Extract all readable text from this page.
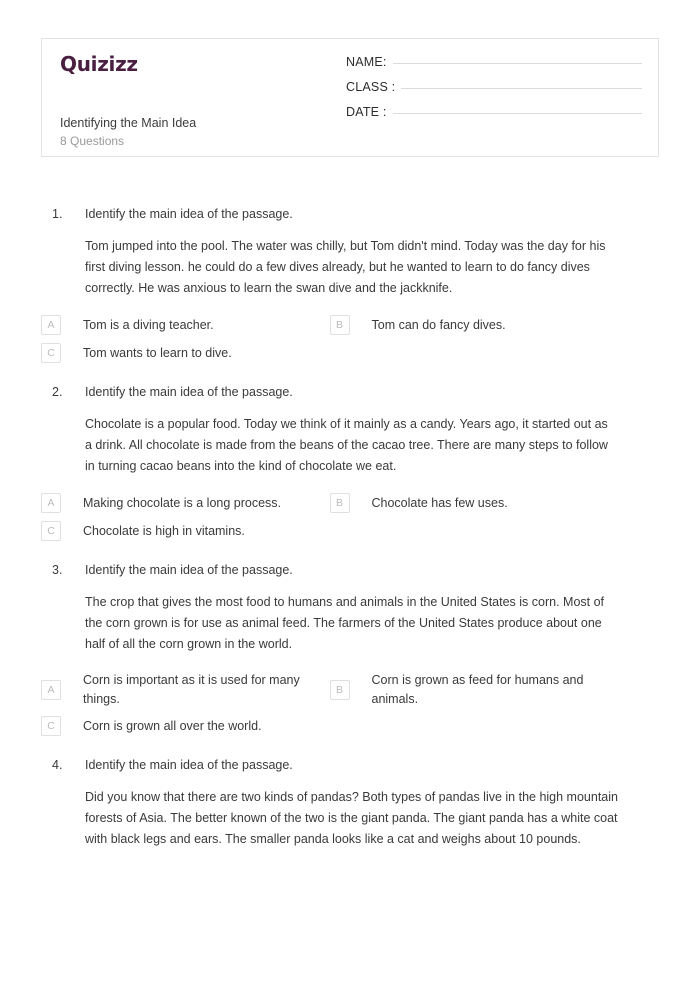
Quizizz
Identifying the Main Idea
8 Questions
NAME:
CLASS :
DATE :
1.	Identify the main idea of the passage.
Tom jumped into the pool. The water was chilly, but Tom didn't mind. Today was the day for his first diving lesson. he could do a few dives already, but he wanted to learn to do fancy dives correctly. He was anxious to learn the swan dive and the jackknife.
A	Tom is a diving teacher.	B	Tom can do fancy dives.
C	Tom wants to learn to dive.
2.	Identify the main idea of the passage.
Chocolate is a popular food. Today we think of it mainly as a candy. Years ago, it started out as a drink. All chocolate is made from the beans of the cacao tree. There are many steps to follow in turning cacao beans into the kind of chocolate we eat.
A	Making chocolate is a long process.	B	Chocolate has few uses.
C	Chocolate is high in vitamins.
3.	Identify the main idea of the passage.
The crop that gives the most food to humans and animals in the United States is corn. Most of the corn grown is for use as animal feed. The farmers of the United States produce about one half of all the corn grown in the world.
A
Corn is important as it is used for many things.
B
Corn is grown as feed for humans and animals.
C	Corn is grown all over the world.
4.	Identify the main idea of the passage.
Did you know that there are two kinds of pandas? Both types of pandas live in the high mountain forests of Asia. The better known of the two is the giant panda. The giant panda has a white coat with black legs and ears. The smaller panda looks like a cat and weighs about 10 pounds.
